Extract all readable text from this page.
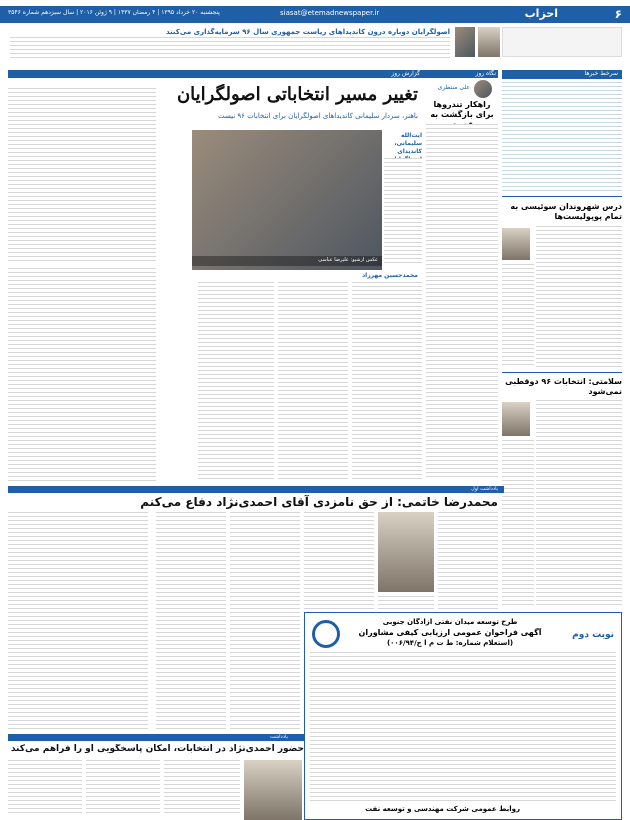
۶
احزاب
siasat@etemadnewspaper.ir
پنجشنبه ۲۰ خرداد ۱۳۹۵ | ۴ رمضان ۱۴۳۷ | ۹ ژوئن ۲۰۱۶ | سال سیزدهم شماره ۳۵۴۶
اصولگرایان دوباره درون کاندیداهای ریاست جمهوری سال ۹۶ سرمایه‌گذاری می‌کنند
سرخط خبرها
درس شهروندان سوئیسی به تمام پوپولیست‌ها
سلامتی: انتخابات ۹۶ دوقطبی نمی‌شود
نگاه روز
علی منتظری
راهکار تندروها برای بازگشت به
گزارش روز
تغییر مسیر انتخاباتی اصولگرایان
باهنر، سردار سلیمانی کاندیداهای اصولگرایان برای انتخابات ۹۶ نیست
عکس آرشیو: علیرضا عباسی
آیت‌الله سلیمانی، کاندیدای
محمدحسین مهرزاد
یادداشت اول
محمدرضا خاتمی: از حق نامزدی آقای احمدی‌نژاد دفاع می‌کنم
طرح توسعه میدان نفتی آزادگان جنوبی
آگهی فراخوان عمومی ارزیابی کیفی مشاوران
(استعلام شماره: ط ت م آ ج/۰۰۶/۹۴)
نوبت دوم
روابط عمومی شرکت مهندسی و توسعه نفت
یادداشت
حضور احمدی‌نژاد در انتخابات، امکان پاسخگویی او را فراهم می‌کند
